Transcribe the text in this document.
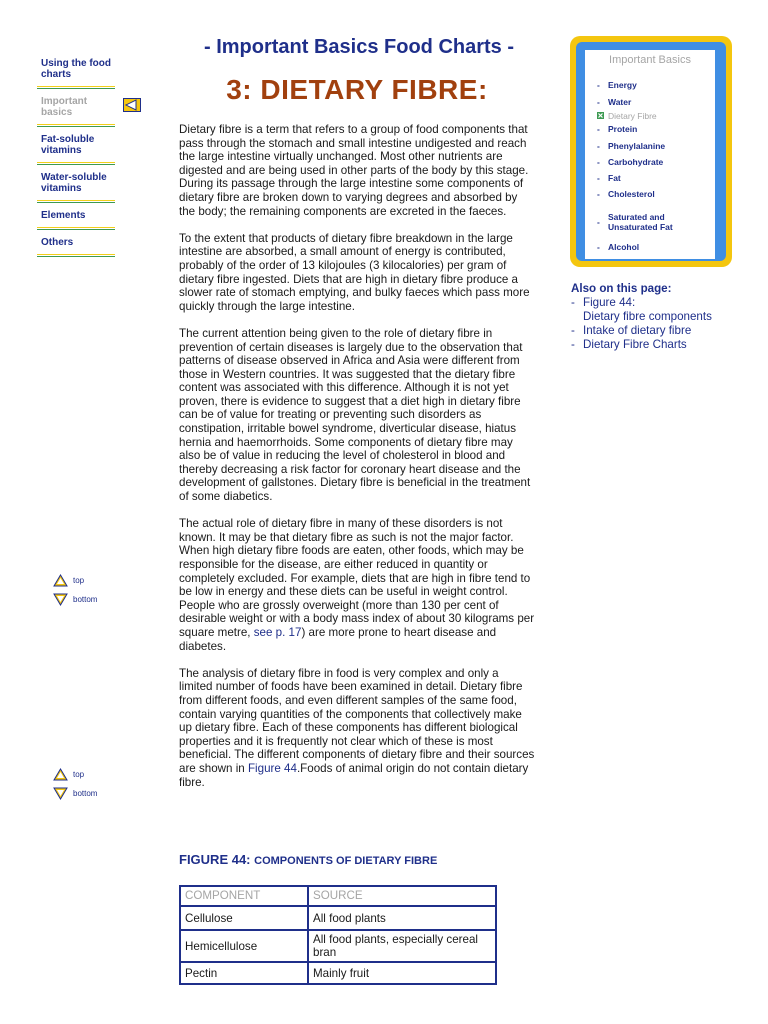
Using the food
charts
Important
basics
Fat-soluble
vitamins
Water-soluble
vitamins
Elements
Others
- Important Basics Food Charts -
3: DIETARY FIBRE:

Dietary fibre is a term that refers to a group of food components that pass through the stomach and small intestine undigested and reach the large intestine virtually unchanged. Most other nutrients are digested and are being used in other parts of the body by this stage. During its passage through the large intestine some components of dietary fibre are broken down to varying degrees and absorbed by the body; the remaining components are excreted in the faeces.

To the extent that products of dietary fibre breakdown in the large intestine are absorbed, a small amount of energy is contributed, probably of the order of 13 kilojoules (3 kilocalories) per gram of dietary fibre ingested. Diets that are high in dietary fibre produce a slower rate of stomach emptying, and bulky faeces which pass more quickly through the large intestine.

The current attention being given to the role of dietary fibre in prevention of certain diseases is largely due to the observation that patterns of disease observed in Africa and Asia were different from those in Western countries. It was suggested that the dietary fibre content was associated with this difference. Although it is not yet proven, there is evidence to suggest that a diet high in dietary fibre can be of value for treating or preventing such disorders as constipation, irritable bowel syndrome, diverticular disease, hiatus hernia and haemorrhoids. Some components of dietary fibre may also be of value in reducing the level of cholesterol in blood and thereby decreasing a risk factor for coronary heart disease and the development of gallstones. Dietary fibre is beneficial in the treatment of some diabetics.

The actual role of dietary fibre in many of these disorders is not known. It may be that dietary fibre as such is not the major factor. When high dietary fibre foods are eaten, other foods, which may be responsible for the disease, are either reduced in quantity or completely excluded. For example, diets that are high in fibre tend to be low in energy and these diets can be useful in weight control. People who are grossly overweight (more than 130 per cent of desirable weight or with a body mass index of about 30 kilograms per square metre, see p. 17) are more prone to heart disease and diabetes.

The analysis of dietary fibre in food is very complex and only a limited number of foods have been examined in detail. Dietary fibre from different foods, and even different samples of the same food, contain varying quantities of the components that collectively make up dietary fibre. Each of these components has different biological properties and it is frequently not clear which of these is most beneficial. The different components of dietary fibre and their sources are shown in Figure 44.Foods of animal origin do not contain dietary fibre.

top
bottom
top
bottom
FIGURE 44: COMPONENTS OF DIETARY FIBRE
COMPONENT	SOURCE
Cellulose	All food plants
Hemicellulose	All food plants, especially cereal bran
Pectin	Mainly fruit

Important Basics

- Energy
- Water
Dietary Fibre
- Protein
- Phenylalanine
- Carbohydrate
- Fat
- Cholesterol
- Saturated and
Unsaturated Fat
- Alcohol
Also on this page:
- Figure 44:
Dietary fibre components
- Intake of dietary fibre
- Dietary Fibre Charts
